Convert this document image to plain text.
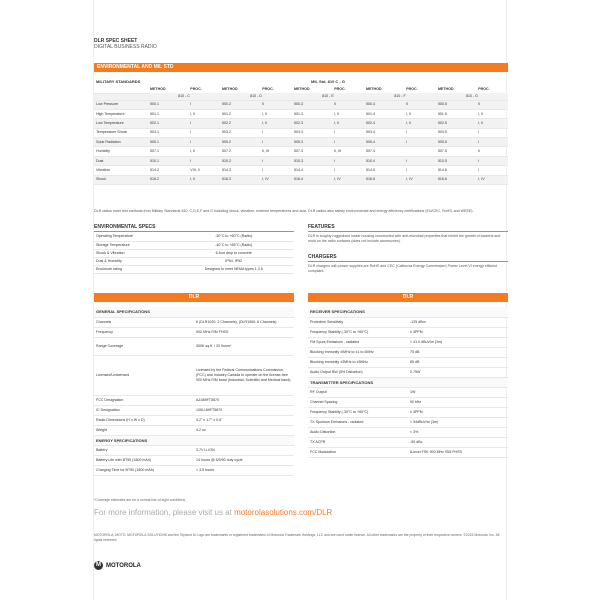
DLR SPEC SHEET
DIGITAL BUSINESS RADIO
ENVIRONMENTAL AND MIL STD
MILITARY STANDARDS	MIL Std. 810 C - G									
	METHOD	PROC.	METHOD	PROC.	METHOD	PROC.	METHOD	PROC.	METHOD	PROC.
	810 - C		810 - D		810 - E		810 - F		810 - G	
Low Pressure	500.1	I	500.2	II	500.3	II	500.4	II	500.5	II
High Temperature	501.1	I, II	501.2	I, II	501.3	I, II	501.4	I, II	501.5	I, II
Low Temperature	502.1	I	502.2	I, II	502.3	I, II	502.4	I, II	502.5	I, II
Temperature Shock	503.1	I	503.2	I	503.3	I	503.4	I	503.5	I
Solar Radiation	505.1	I	505.2	I	505.3	I	505.4	I	505.5	I
Humidity	507.1	I, II	507.2	II, III	507.3	II, III	507.4		507.5	II
Dust	510.1	I	510.2	I	510.3	I	510.4	I	510.5	I
Vibration	514.2	VIII, II	514.3	I	514.4	I	514.5	I	514.6	I
Shock	516.2	I, II	516.3	I, IV	516.4	I, IV	516.5	I, IV	516.6	I, IV
DLR radios meet test methods from Military Standards 810, C,D,E,F and G including shock, vibration, extreme temperatures and dust. DLR radios also satisfy environmental and energy efficiency certifications (EU/CEC, RoHS, and WEEE).
ENVIRONMENTAL SPECS
Operating Temperature	-30°C to +60°C (Radio)
Storage Temperature	-40°C to +85°C (Radio)
Shock & Vibration	6-foot drop to concrete
Dust & Humidity	IP54, IP52
Enclosure rating	Designed to meet NEMA types 1,3,5
FEATURES
DLR is toughly ruggedized inside housing constructed with anti-microbial properties that inhibit the growth of bacteria and mold on the radio surfaces (does not include accessories).
CHARGERS
DLR chargers with power supplies are RoHS and CEC (California Energy Commission) Power Level VI energy efficient compliant.
DLR	DLR
GENERAL SPECIFICATIONS	
Channels	6 (DLR1020: 2 Channels), (DLR1060: 6 Channels)
Frequency	900 MHz ISM FHSS
Range Coverage	300K sq.ft. / 20 floors*
Licensed/Unlicensed	Licensed by the Federal Communications Commission (FCC) and Industry Canada to operate on the license-free 900 MHz ISM band (Industrial, Scientific and Medical band).
FCC Designation	AZ489FT5870
IC Designation	109U-89FT5870
Radio Dimensions (H x W x D)	4.2" x 1.7" x 0.6"
Weight	4.2 oz
ENERGY SPECIFICATIONS	
Battery	3.7V Li-ION
Battery Life with BT90 (1800 mAh)	14 hours @ 5/5/90 duty cycle
Charging Time for BT90 (1800 mAh)	< 3.5 hours
RECEIVER SPECIFICATIONS	
Protective Sensitivity	-125 dBm
Frequency Stability (-30°C to +60°C)	± 3PPM
FM Spurs Emissions - radiated	< 41.0 dBuV/m (3m)
Blocking Immunity ±IMHz to ±1 to 5MHz	75 dB
Blocking Immunity ±3MHz to ±5MHz	85 dB
Audio Output BW (5% Distortion)	0.75W
TRANSMITTER SPECIFICATIONS	
RF Output	1W
Channel Spacing	90 kHz
Frequency Stability (-30°C to +60°C)	± 3PPM
TX Spurious Emissions - radiated	< 54dBuV/m (3m)
Audio Distortion	< 3%
TX ACPR	-50 dBc
FCC Modulation	8-level FSK 900 MHz ISM FHSS
*Coverage estimates are for a normal line-of-sight conditions.
For more information, please visit us at motorolasolutions.com/DLR
MOTOROLA, MOTO, MOTOROLA SOLUTIONS and the Stylized M Logo are trademarks or registered trademarks of Motorola Trademark Holdings, LLC and are used under license. All other trademarks are the property of their respective owners. ©2015 Motorola, Inc. All rights reserved.
M MOTOROLA
